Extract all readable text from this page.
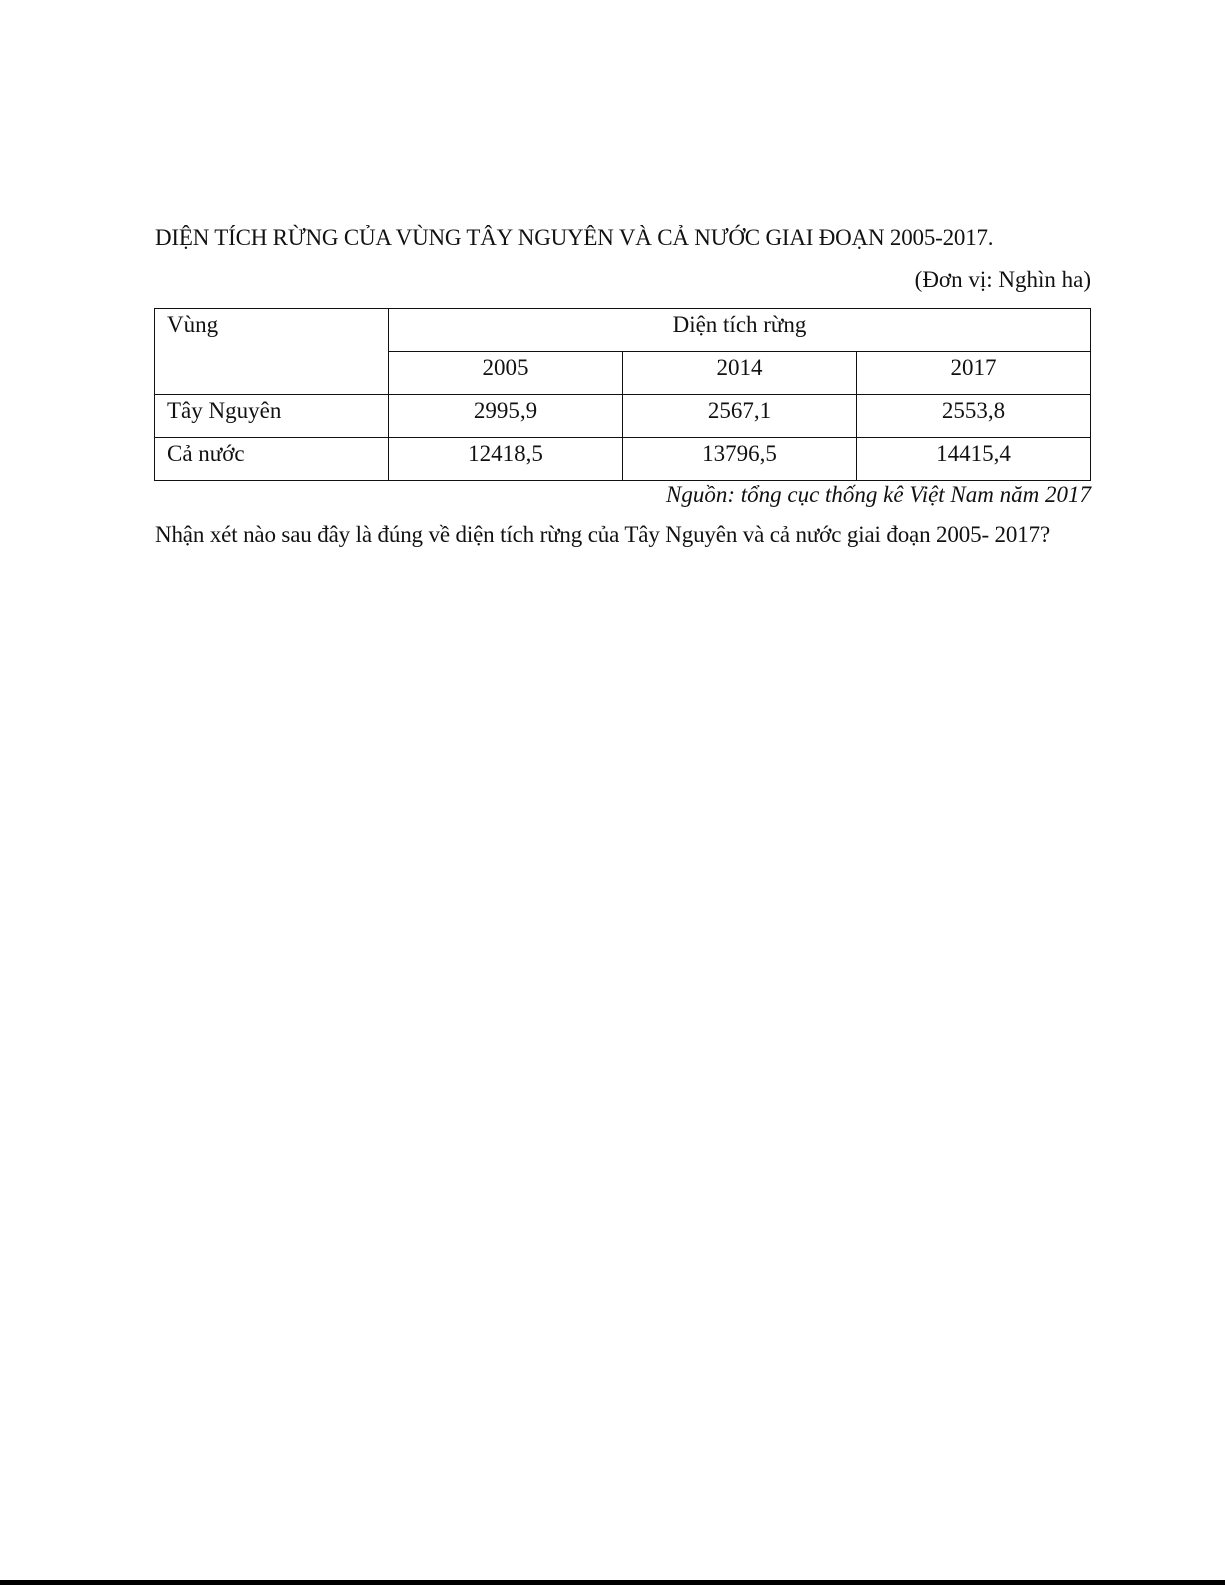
DIỆN TÍCH RỪNG CỦA VÙNG TÂY NGUYÊN VÀ CẢ NƯỚC GIAI ĐOẠN 2005-2017.
(Đơn vị: Nghìn ha)
Vùng	Diện tích rừng		
	2005	2014	2017
Tây Nguyên	2995,9	2567,1	2553,8
Cả nước	12418,5	13796,5	14415,4
Nguồn: tổng cục thống kê Việt Nam năm 2017
Nhận xét nào sau đây là đúng về diện tích rừng của Tây Nguyên và cả nước giai đoạn 2005- 2017?
